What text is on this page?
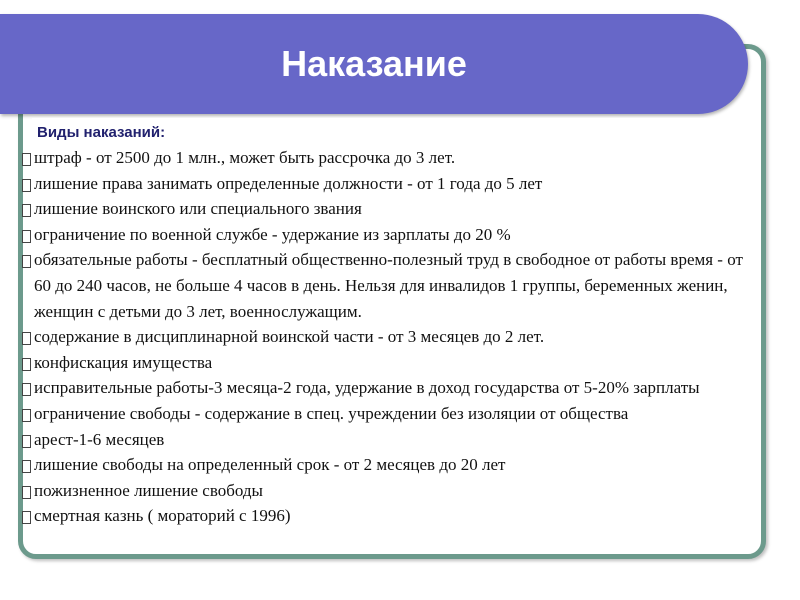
Наказание
Виды наказаний:
штраф - от 2500 до 1 млн., может быть рассрочка до 3 лет.
лишение права занимать определенные должности - от 1 года до 5 лет
лишение воинского или специального звания
ограничение по военной службе - удержание из зарплаты до 20 %
обязательные работы - бесплатный общественно-полезный труд в свободное от работы время - от 60 до 240 часов, не больше 4 часов в день. Нельзя для инвалидов 1 группы, беременных женин, женщин с детьми до 3 лет, военнослужащим.
содержание в дисциплинарной воинской части - от 3 месяцев до 2 лет.
конфискация имущества
исправительные работы-3 месяца-2 года, удержание в доход государства от 5-20% зарплаты
ограничение свободы - содержание в спец. учреждении без изоляции от общества
арест-1-6 месяцев
лишение свободы на определенный срок - от 2 месяцев до 20 лет
пожизненное лишение свободы
смертная казнь ( мораторий с 1996)
